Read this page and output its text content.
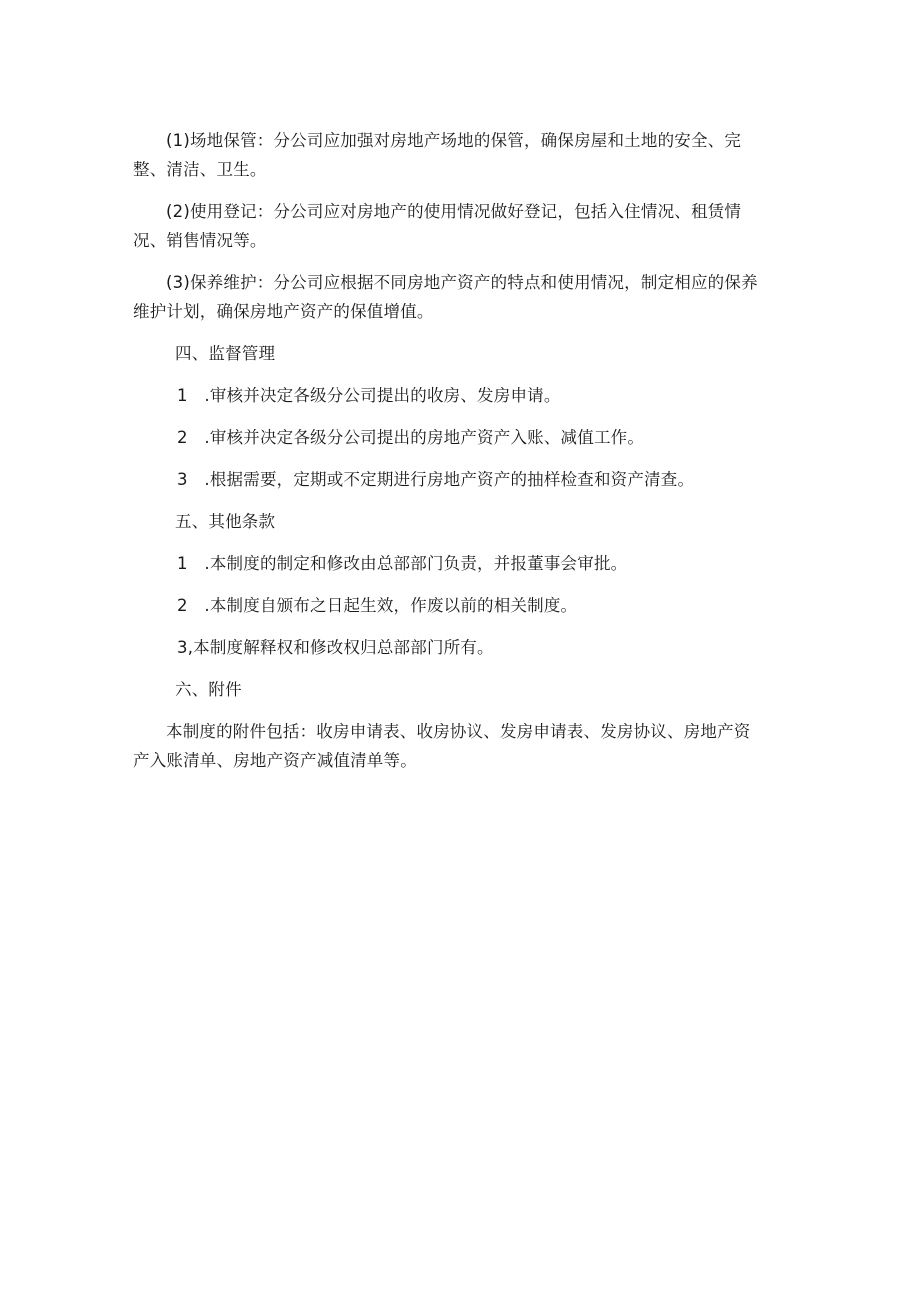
(1)场地保管：分公司应加强对房地产场地的保管，确保房屋和土地的安全、完
整、清洁、卫生。

(2)使用登记：分公司应对房地产的使用情况做好登记，包括入住情况、租赁情
况、销售情况等。

(3)保养维护：分公司应根据不同房地产资产的特点和使用情况，制定相应的保养
维护计划，确保房地产资产的保值增值。

四、监督管理

1　.审核并决定各级分公司提出的收房、发房申请。

2　.审核并决定各级分公司提出的房地产资产入账、减值工作。

3　.根据需要，定期或不定期进行房地产资产的抽样检查和资产清查。

五、其他条款

1　.本制度的制定和修改由总部部门负责，并报董事会审批。

2　.本制度自颁布之日起生效，作废以前的相关制度。

3,本制度解释权和修改权归总部部门所有。

六、附件

本制度的附件包括：收房申请表、收房协议、发房申请表、发房协议、房地产资
产入账清单、房地产资产减值清单等。
